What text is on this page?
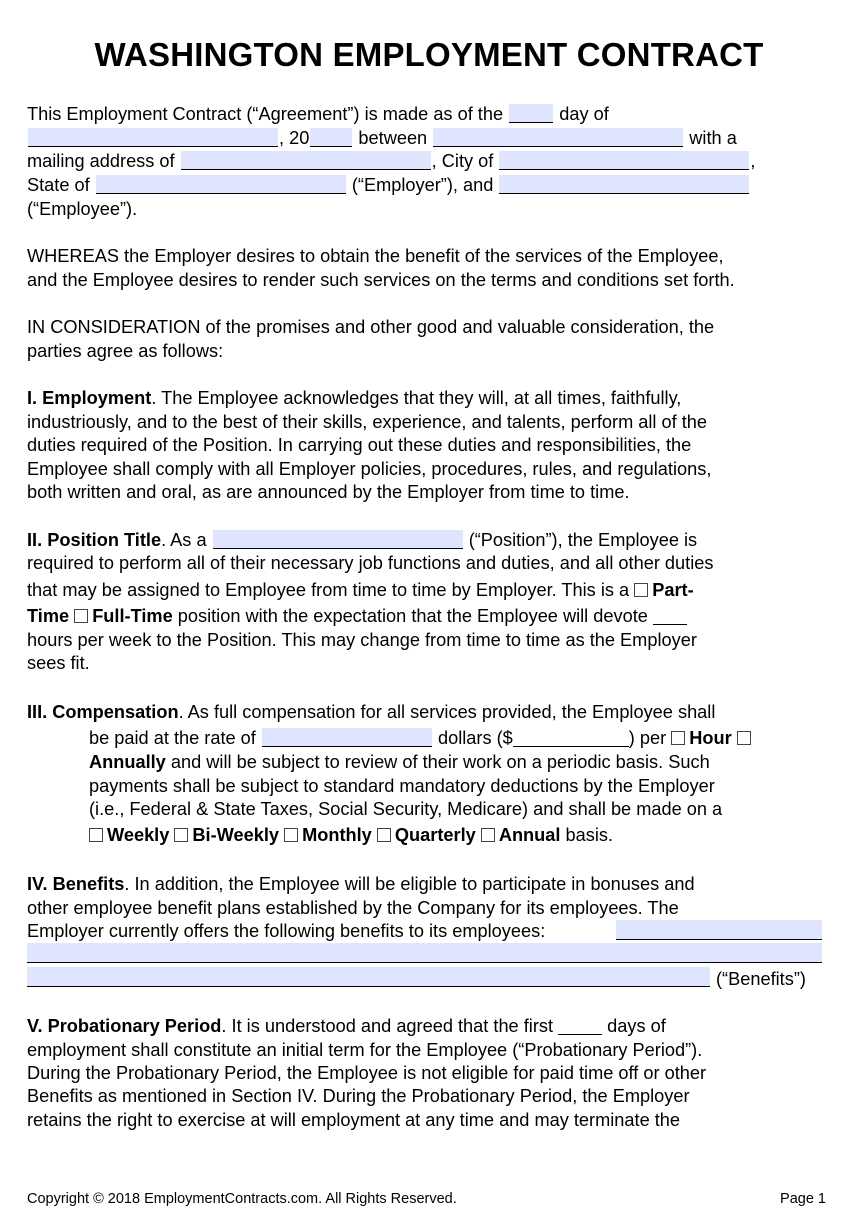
WASHINGTON EMPLOYMENT CONTRACT
This Employment Contract (“Agreement”) is made as of the	day of
, 20	between	with a
mailing address of	, City of	,
State of	(“Employer”), and
(“Employee”).
WHEREAS the Employer desires to obtain the benefit of the services of the Employee,
and the Employee desires to render such services on the terms and conditions set forth.
IN CONSIDERATION of the promises and other good and valuable consideration, the
parties agree as follows:
I. Employment. The Employee acknowledges that they will, at all times, faithfully,
industriously, and to the best of their skills, experience, and talents, perform all of the
duties required of the Position. In carrying out these duties and responsibilities, the
Employee shall comply with all Employer policies, procedures, rules, and regulations,
both written and oral, as are announced by the Employer from time to time.
II. Position Title. As a	(“Position”), the Employee is
required to perform all of their necessary job functions and duties, and all other duties
that may be assigned to Employee from time to time by Employer. This is a Part-
Time Full-Time position with the expectation that the Employee will devote
hours per week to the Position. This may change from time to time as the Employer
sees fit.
III. Compensation. As full compensation for all services provided, the Employee shall
be paid at the rate of	dollars ($	) per Hour
Annually and will be subject to review of their work on a periodic basis. Such
payments shall be subject to standard mandatory deductions by the Employer
(i.e., Federal & State Taxes, Social Security, Medicare) and shall be made on a
Weekly Bi-Weekly Monthly Quarterly Annual basis.
IV. Benefits. In addition, the Employee will be eligible to participate in bonuses and
other employee benefit plans established by the Company for its employees. The
Employer currently offers the following benefits to its employees:
(“Benefits”)
V. Probationary Period. It is understood and agreed that the first	days of
employment shall constitute an initial term for the Employee (“Probationary Period”).
During the Probationary Period, the Employee is not eligible for paid time off or other
Benefits as mentioned in Section IV. During the Probationary Period, the Employer
retains the right to exercise at will employment at any time and may terminate the
Copyright © 2018 EmploymentContracts.com. All Rights Reserved.	Page 1
